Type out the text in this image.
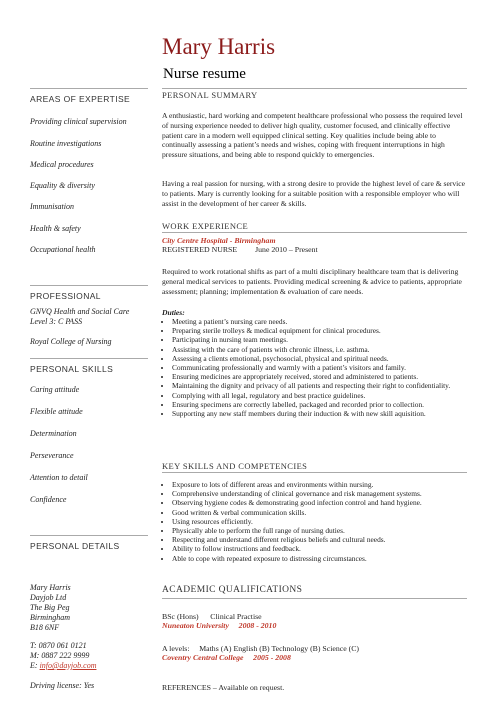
Mary Harris
Nurse resume
AREAS OF EXPERTISE
Providing clinical supervision
Routine investigations
Medical procedures
Equality & diversity
Immunisation
Health & safety
Occupational health
PROFESSIONAL
GNVQ Health and Social Care Level 3: C PASS
Royal College of Nursing
PERSONAL SKILLS
Caring attitude
Flexible attitude
Determination
Perseverance
Attention to detail
Confidence
PERSONAL DETAILS
Mary Harris
Dayjob Ltd
The Big Peg
Birmingham
B18 6NF
T: 0870 061 0121
M: 0887 222 9999
E: info@dayjob.com
Driving license: Yes
PERSONAL SUMMARY
A enthusiastic, hard working and competent healthcare professional who possess the required level of nursing experience needed to deliver high quality, customer focused, and clinically effective patient care in a modern well equipped clinical setting. Key qualities include being able to continually assessing a patient’s needs and wishes, coping with frequent interruptions in high pressure situations, and being able to respond quickly to emergencies.
Having a real passion for nursing, with a strong desire to provide the highest level of care & service to patients. Mary is currently looking for a suitable position with a responsible employer who will assist in the development of her career & skills.
WORK EXPERIENCE
City Centre Hospital - Birmingham
REGISTERED NURSE June 2010 – Present
Required to work rotational shifts as part of a multi disciplinary healthcare team that is delivering general medical services to patients. Providing medical screening & advice to patients, appropriate assessment; planning; implementation & evaluation of care needs.
Duties:
• Meeting a patient’s nursing care needs.
• Preparing sterile trolleys & medical equipment for clinical procedures.
• Participating in nursing team meetings.
• Assisting with the care of patients with chronic illness, i.e. asthma.
• Assessing a clients emotional, psychosocial, physical and spiritual needs.
• Communicating professionally and warmly with a patient’s visitors and family.
• Ensuring medicines are appropriately received, stored and administered to patients.
• Maintaining the dignity and privacy of all patients and respecting their right to confidentiality.
• Complying with all legal, regulatory and best practice guidelines.
• Ensuring specimens are correctly labelled, packaged and recorded prior to collection.
• Supporting any new staff members during their induction & with new skill aquisition.
KEY SKILLS AND COMPETENCIES
• Exposure to lots of different areas and environments within nursing.
• Comprehensive understanding of clinical governance and risk management systems.
• Observing hygiene codes & demonstrating good infection control and hand hygiene.
• Good written & verbal communication skills.
• Using resources efficiently.
• Physically able to perform the full range of nursing duties.
• Respecting and understand different religious beliefs and cultural needs.
• Ability to follow instructions and feedback.
• Able to cope with repeated exposure to distressing circumstances.
ACADEMIC QUALIFICATIONS
BSc (Hons)      Clinical Practise
Nuneaton University     2008 - 2010
A levels:     Maths (A) English (B) Technology (B) Science (C)
Coventry Central College     2005 - 2008
REFERENCES – Available on request.
